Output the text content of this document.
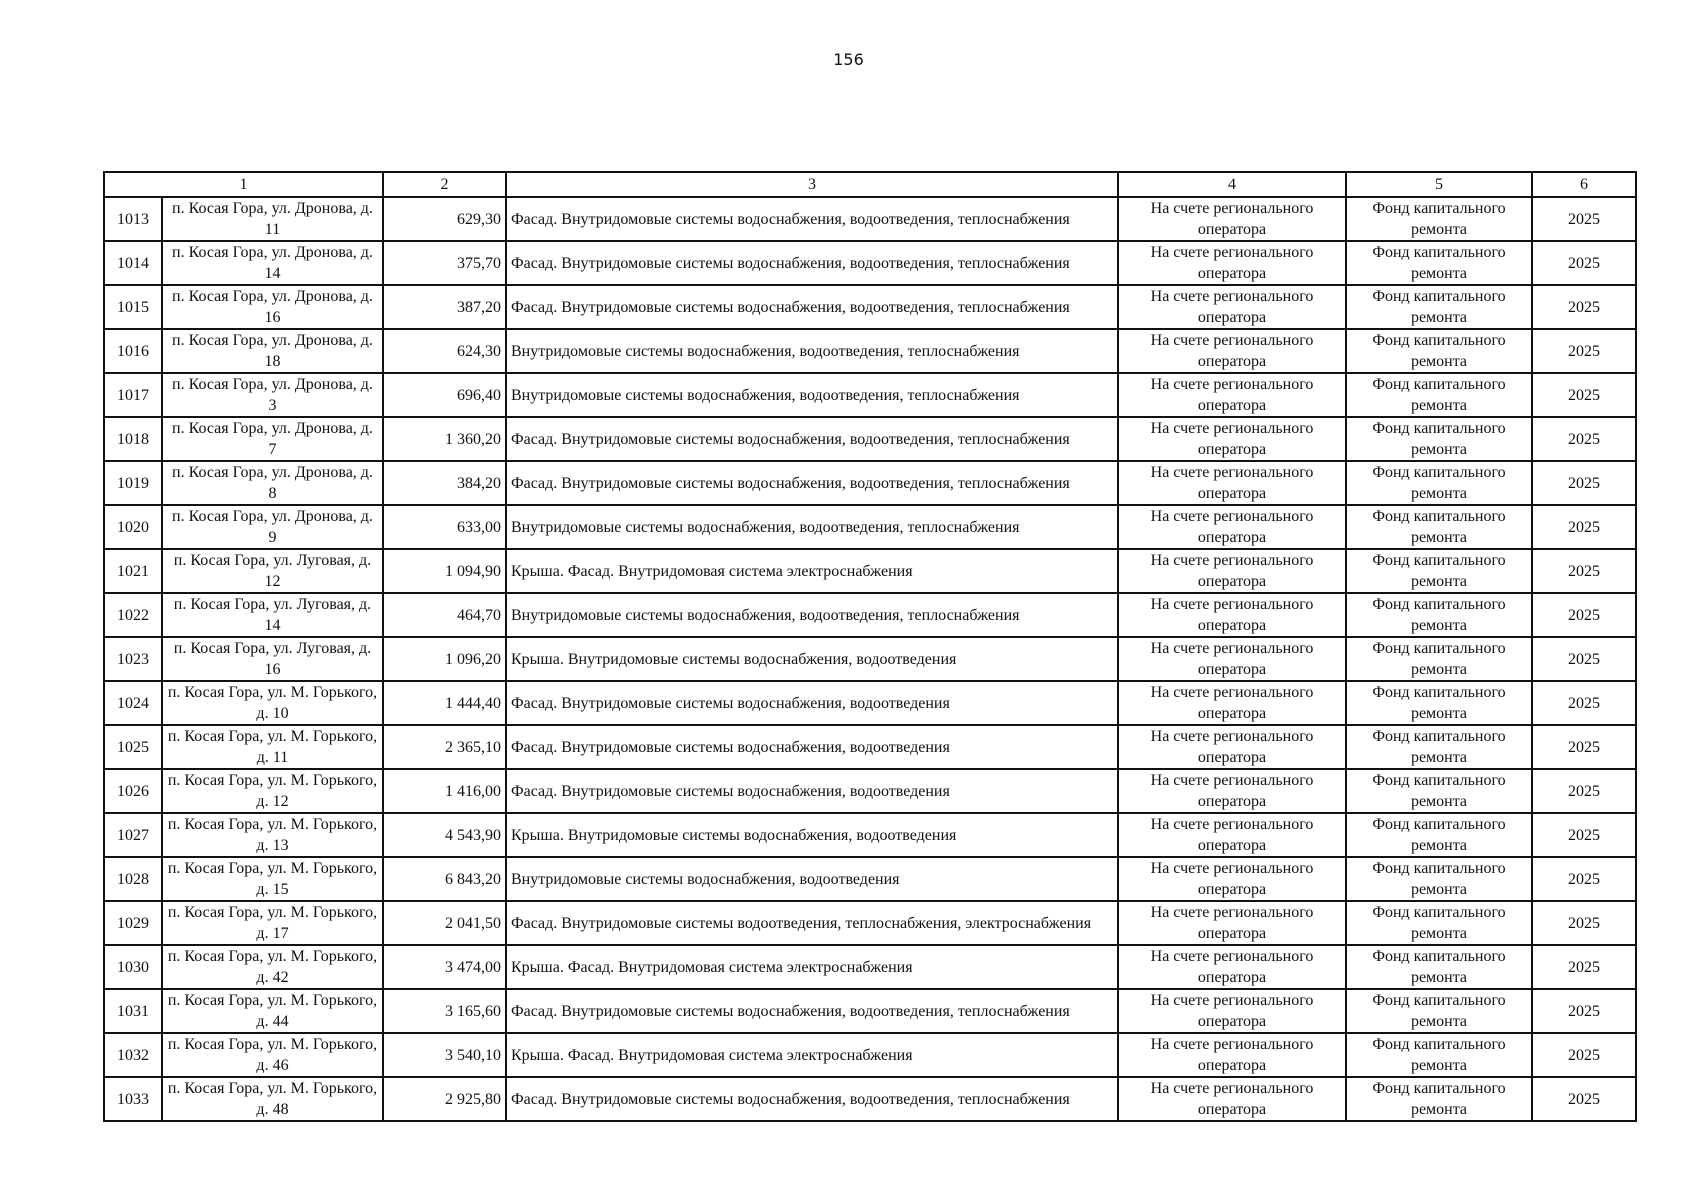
156
1		2	3	4	5	6
1013	п. Косая Гора, ул. Дронова, д. 11	629,30	Фасад. Внутридомовые системы водоснабжения, водоотведения, теплоснабжения	На счете регионального оператора	Фонд капитального ремонта	2025
1014	п. Косая Гора, ул. Дронова, д. 14	375,70	Фасад. Внутридомовые системы водоснабжения, водоотведения, теплоснабжения	На счете регионального оператора	Фонд капитального ремонта	2025
1015	п. Косая Гора, ул. Дронова, д. 16	387,20	Фасад. Внутридомовые системы водоснабжения, водоотведения, теплоснабжения	На счете регионального оператора	Фонд капитального ремонта	2025
1016	п. Косая Гора, ул. Дронова, д. 18	624,30	Внутридомовые системы водоснабжения, водоотведения, теплоснабжения	На счете регионального оператора	Фонд капитального ремонта	2025
1017	п. Косая Гора, ул. Дронова, д. 3	696,40	Внутридомовые системы водоснабжения, водоотведения, теплоснабжения	На счете регионального оператора	Фонд капитального ремонта	2025
1018	п. Косая Гора, ул. Дронова, д. 7	1 360,20	Фасад. Внутридомовые системы водоснабжения, водоотведения, теплоснабжения	На счете регионального оператора	Фонд капитального ремонта	2025
1019	п. Косая Гора, ул. Дронова, д. 8	384,20	Фасад. Внутридомовые системы водоснабжения, водоотведения, теплоснабжения	На счете регионального оператора	Фонд капитального ремонта	2025
1020	п. Косая Гора, ул. Дронова, д. 9	633,00	Внутридомовые системы водоснабжения, водоотведения, теплоснабжения	На счете регионального оператора	Фонд капитального ремонта	2025
1021	п. Косая Гора, ул. Луговая, д. 12	1 094,90	Крыша. Фасад. Внутридомовая система электроснабжения	На счете регионального оператора	Фонд капитального ремонта	2025
1022	п. Косая Гора, ул. Луговая, д. 14	464,70	Внутридомовые системы водоснабжения, водоотведения, теплоснабжения	На счете регионального оператора	Фонд капитального ремонта	2025
1023	п. Косая Гора, ул. Луговая, д. 16	1 096,20	Крыша. Внутридомовые системы водоснабжения, водоотведения	На счете регионального оператора	Фонд капитального ремонта	2025
1024	п. Косая Гора, ул. М. Горького, д. 10	1 444,40	Фасад. Внутридомовые системы водоснабжения, водоотведения	На счете регионального оператора	Фонд капитального ремонта	2025
1025	п. Косая Гора, ул. М. Горького, д. 11	2 365,10	Фасад. Внутридомовые системы водоснабжения, водоотведения	На счете регионального оператора	Фонд капитального ремонта	2025
1026	п. Косая Гора, ул. М. Горького, д. 12	1 416,00	Фасад. Внутридомовые системы водоснабжения, водоотведения	На счете регионального оператора	Фонд капитального ремонта	2025
1027	п. Косая Гора, ул. М. Горького, д. 13	4 543,90	Крыша. Внутридомовые системы водоснабжения, водоотведения	На счете регионального оператора	Фонд капитального ремонта	2025
1028	п. Косая Гора, ул. М. Горького, д. 15	6 843,20	Внутридомовые системы водоснабжения, водоотведения	На счете регионального оператора	Фонд капитального ремонта	2025
1029	п. Косая Гора, ул. М. Горького, д. 17	2 041,50	Фасад. Внутридомовые системы водоотведения, теплоснабжения, электроснабжения	На счете регионального оператора	Фонд капитального ремонта	2025
1030	п. Косая Гора, ул. М. Горького, д. 42	3 474,00	Крыша. Фасад. Внутридомовая система электроснабжения	На счете регионального оператора	Фонд капитального ремонта	2025
1031	п. Косая Гора, ул. М. Горького, д. 44	3 165,60	Фасад. Внутридомовые системы водоснабжения, водоотведения, теплоснабжения	На счете регионального оператора	Фонд капитального ремонта	2025
1032	п. Косая Гора, ул. М. Горького, д. 46	3 540,10	Крыша. Фасад. Внутридомовая система электроснабжения	На счете регионального оператора	Фонд капитального ремонта	2025
1033	п. Косая Гора, ул. М. Горького, д. 48	2 925,80	Фасад. Внутридомовые системы водоснабжения, водоотведения, теплоснабжения	На счете регионального оператора	Фонд капитального ремонта	2025
